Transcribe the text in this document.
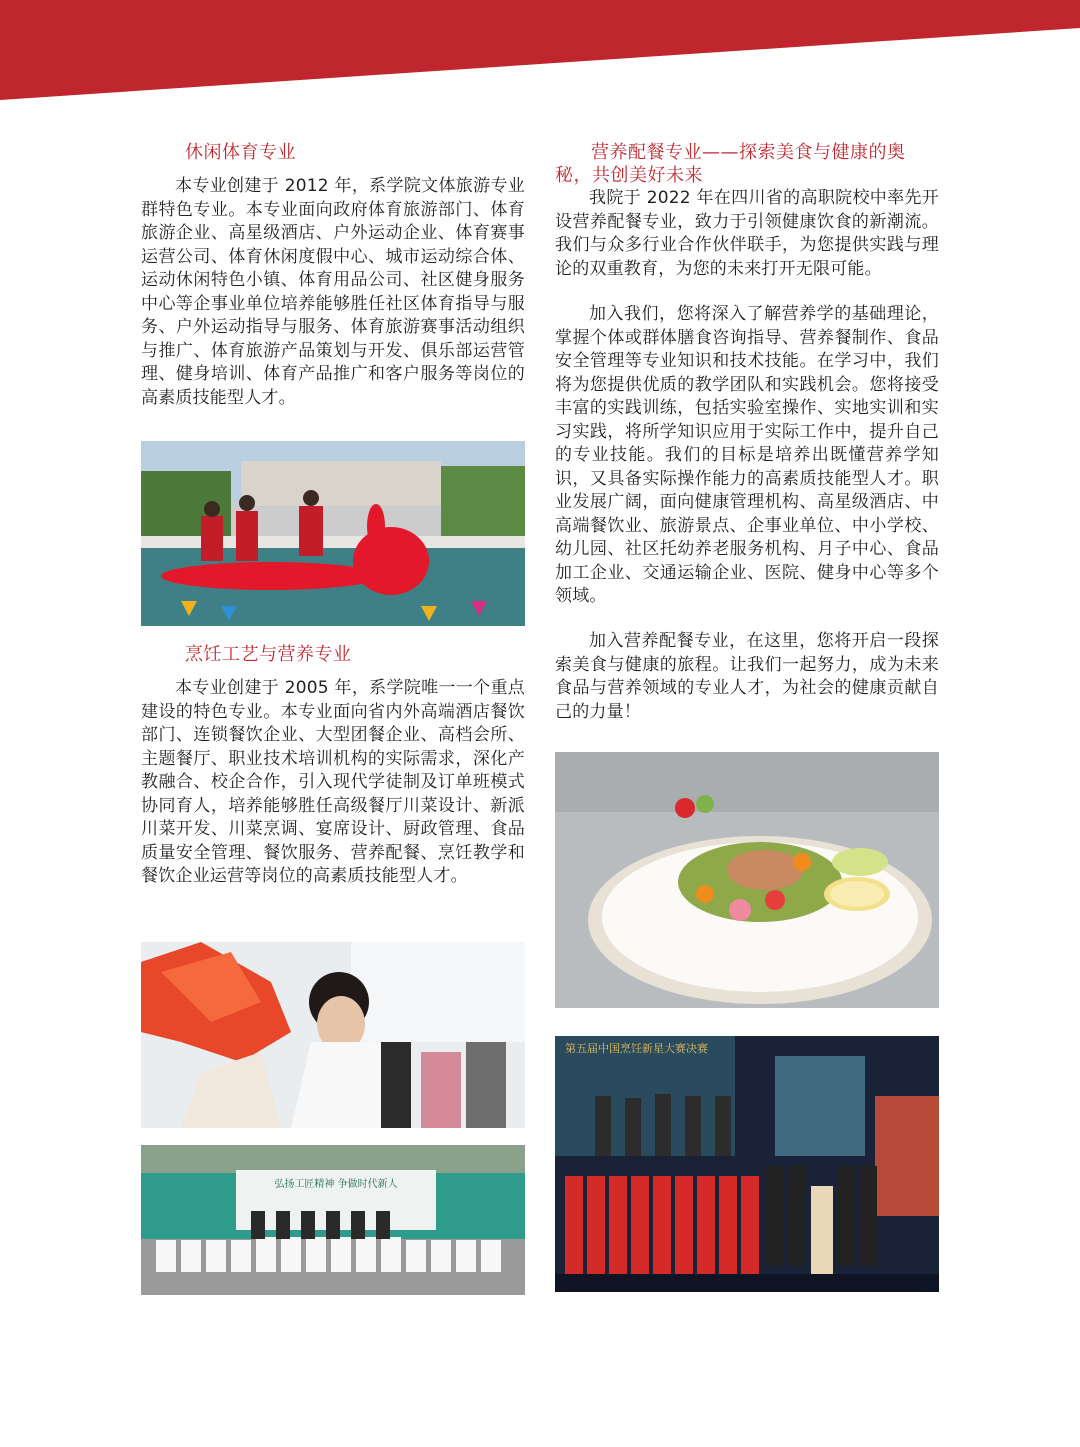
休闲体育专业

本专业创建于 2012 年，系学院文体旅游专业群特色专业。本专业面向政府体育旅游部门、体育旅游企业、高星级酒店、户外运动企业、体育赛事运营公司、体育休闲度假中心、城市运动综合体、运动休闲特色小镇、体育用品公司、社区健身服务中心等企事业单位培养能够胜任社区体育指导与服务、户外运动指导与服务、体育旅游赛事活动组织与推广、体育旅游产品策划与开发、俱乐部运营管理、健身培训、体育产品推广和客户服务等岗位的高素质技能型人才。

烹饪工艺与营养专业

本专业创建于 2005 年，系学院唯一一个重点建设的特色专业。本专业面向省内外高端酒店餐饮部门、连锁餐饮企业、大型团餐企业、高档会所、主题餐厅、职业技术培训机构的实际需求，深化产教融合、校企合作，引入现代学徒制及订单班模式协同育人，培养能够胜任高级餐厅川菜设计、新派川菜开发、川菜烹调、宴席设计、厨政管理、食品质量安全管理、餐饮服务、营养配餐、烹饪教学和餐饮企业运营等岗位的高素质技能型人才。

弘扬工匠精神 争做时代新人
营养配餐专业——探索美食与健康的奥秘，共创美好未来

我院于 2022 年在四川省的高职院校中率先开设营养配餐专业，致力于引领健康饮食的新潮流。我们与众多行业合作伙伴联手，为您提供实践与理论的双重教育，为您的未来打开无限可能。

加入我们，您将深入了解营养学的基础理论，掌握个体或群体膳食咨询指导、营养餐制作、食品安全管理等专业知识和技术技能。在学习中，我们将为您提供优质的教学团队和实践机会。您将接受丰富的实践训练，包括实验室操作、实地实训和实习实践，将所学知识应用于实际工作中，提升自己的专业技能。我们的目标是培养出既懂营养学知识，又具备实际操作能力的高素质技能型人才。职业发展广阔，面向健康管理机构、高星级酒店、中高端餐饮业、旅游景点、企事业单位、中小学校、幼儿园、社区托幼养老服务机构、月子中心、食品加工企业、交通运输企业、医院、健身中心等多个领域。

加入营养配餐专业，在这里，您将开启一段探索美食与健康的旅程。让我们一起努力，成为未来食品与营养领域的专业人才，为社会的健康贡献自己的力量！

第五届中国烹饪新星大赛决赛
